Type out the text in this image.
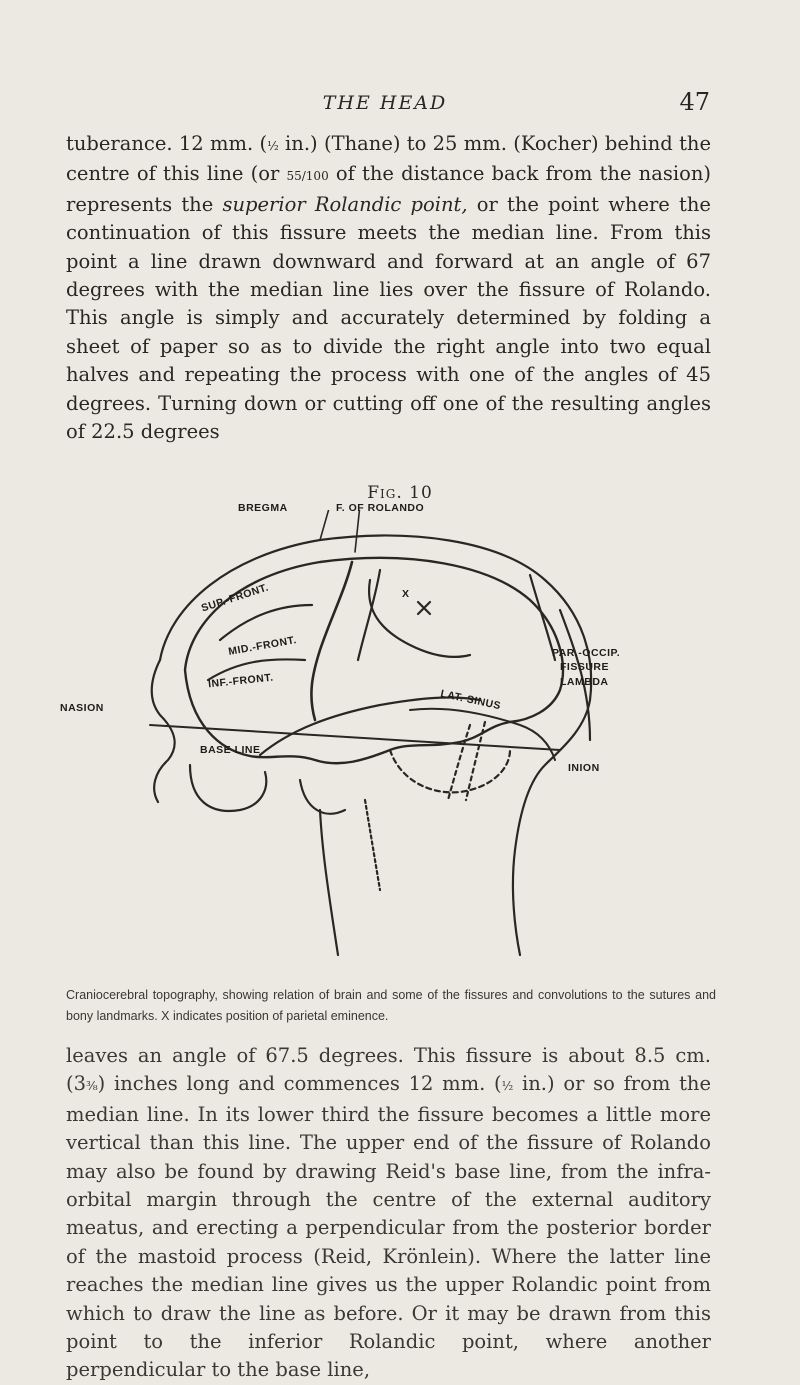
THE HEAD	47

tuberance. 12 mm. (½ in.) (Thane) to 25 mm. (Kocher) behind the centre of this line (or 55/100 of the distance back from the nasion) represents the superior Rolandic point, or the point where the continuation of this fissure meets the median line. From this point a line drawn downward and forward at an angle of 67 degrees with the median line lies over the fissure of Rolando. This angle is simply and accurately determined by folding a sheet of paper so as to divide the right angle into two equal halves and repeating the process with one of the angles of 45 degrees. Turning down or cutting off one of the resulting angles of 22.5 degrees

Fig. 10
BREGMA	F. OF ROLANDO
SUP.-FRONT.
MID.-FRONT.
INF.-FRONT.
PAR.-OCCIP.
FISSURE
LAMBDA
NASION
BASE LINE
INION
LAT. SINUS
X
Craniocerebral topography, showing relation of brain and some of the fissures and convolutions to the sutures and bony landmarks. X indicates position of parietal eminence.

leaves an angle of 67.5 degrees. This fissure is about 8.5 cm. (3⅜) inches long and commences 12 mm. (½ in.) or so from the median line. In its lower third the fissure becomes a little more vertical than this line. The upper end of the fissure of Rolando may also be found by drawing Reid's base line, from the infra-orbital margin through the centre of the external auditory meatus, and erecting a perpendicular from the posterior border of the mastoid process (Reid, Krönlein). Where the latter line reaches the median line gives us the upper Rolandic point from which to draw the line as before. Or it may be drawn from this point to the inferior Rolandic point, where another perpendicular to the base line,
